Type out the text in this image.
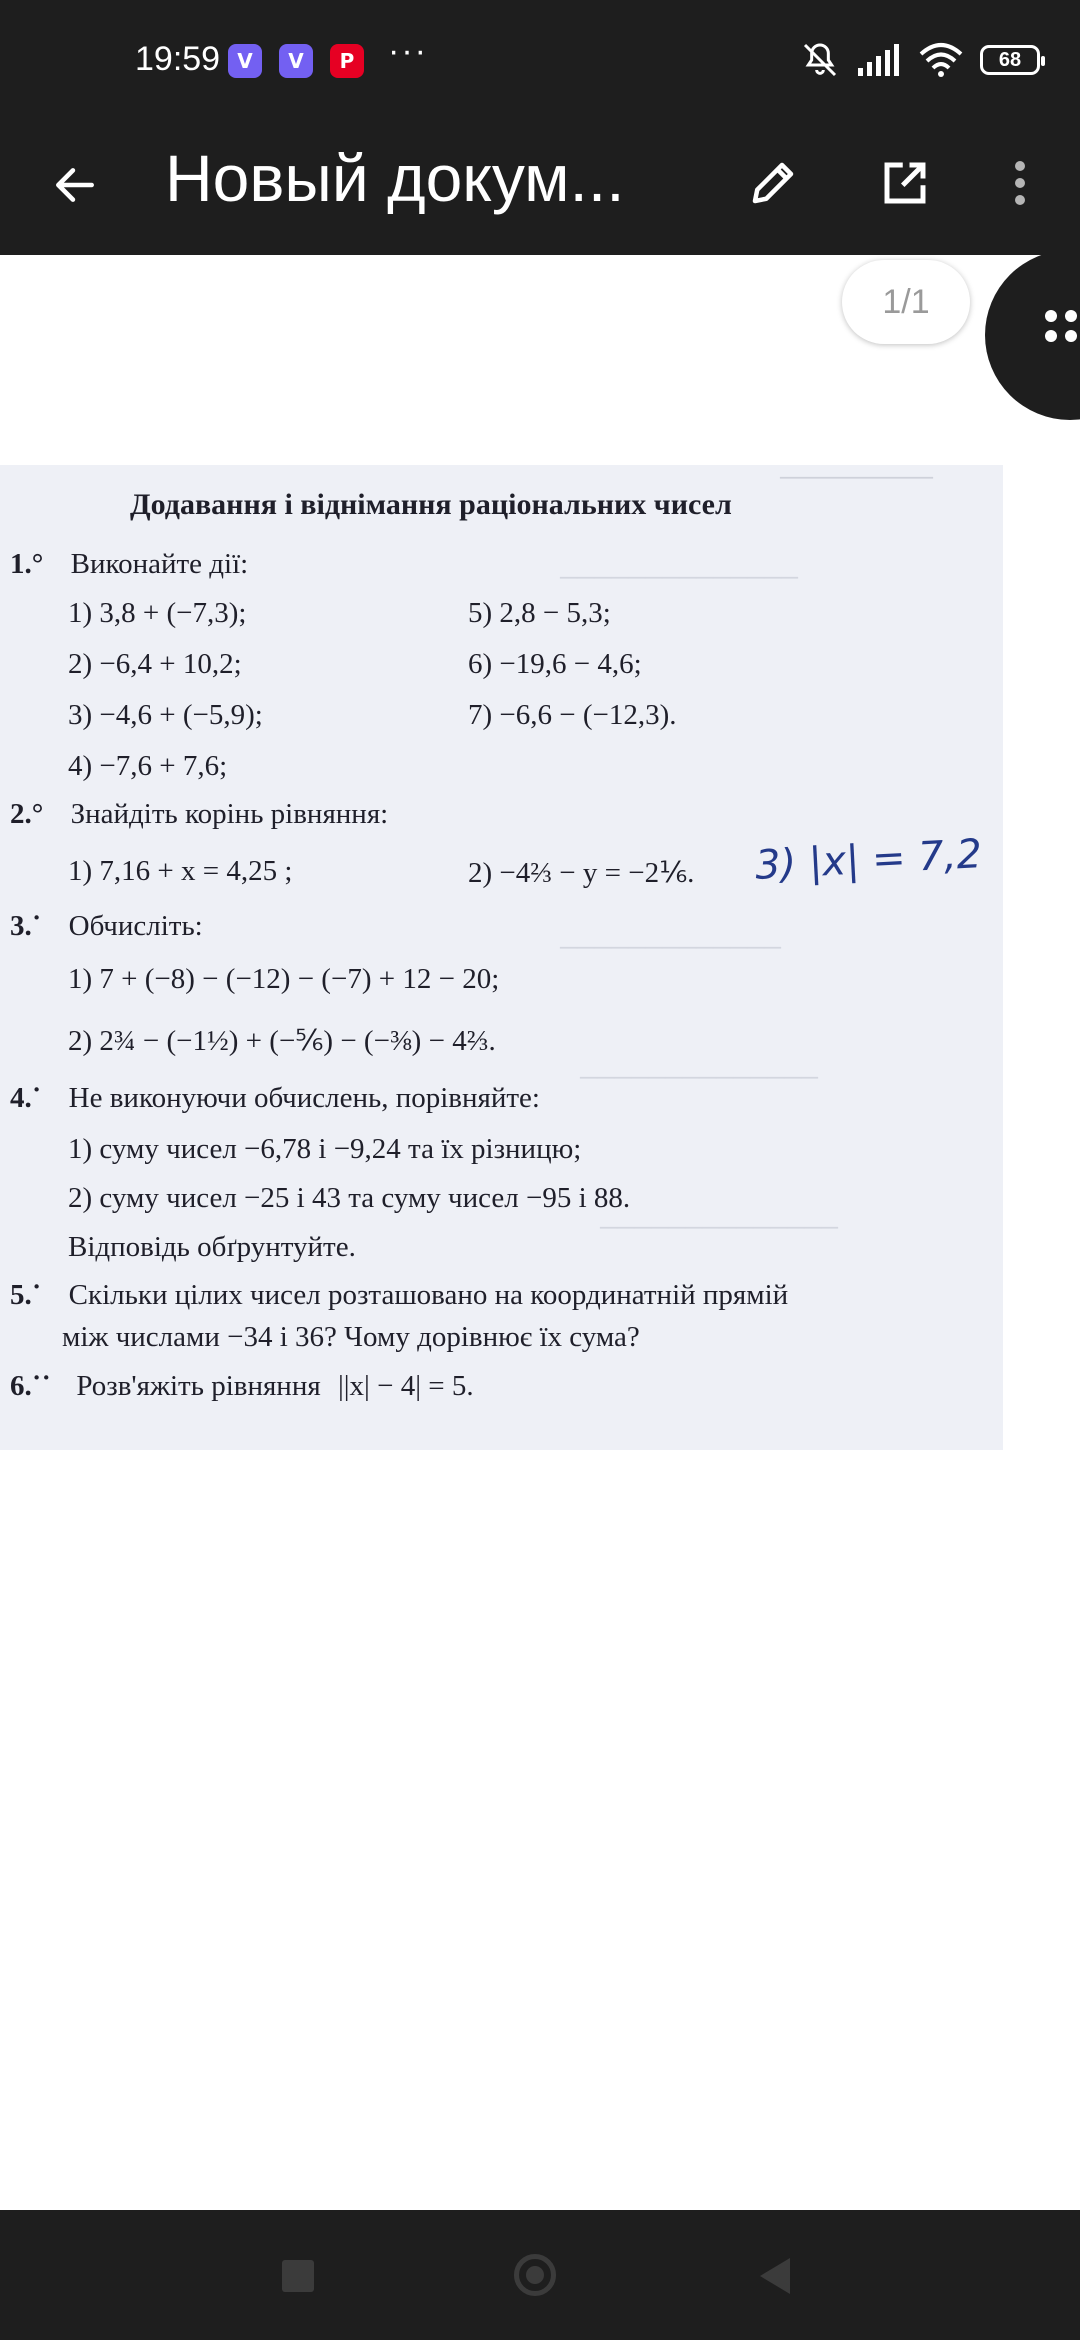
19:59 V	V	P ···	68
Новый докум...
1/1
─────────
──────────────
─────────────
──────────────
──────────────
Додавання і віднімання раціональних чисел
1.° Виконайте дії:
1) 3,8 + (−7,3);
2) −6,4 + 10,2;
3) −4,6 + (−5,9);
4) −7,6 + 7,6;
5) 2,8 − 5,3;
6) −19,6 − 4,6;
7) −6,6 − (−12,3).
2.° Знайдіть корінь рівняння:
1) 7,16 + x = 4,25 ;	2) −4⅔ − y = −2⅙. 3) |x| = 7,2
3.˙ Обчисліть:
1) 7 + (−8) − (−12) − (−7) + 12 − 20;
2) 2¾ − (−1½) + (−⅚) − (−⅜) − 4⅔.
4.˙ Не виконуючи обчислень, порівняйте:
1) суму чисел −6,78 і −9,24 та їх різницю;
2) суму чисел −25 і 43 та суму чисел −95 і 88.
Відповідь обґрунтуйте.
5.˙ Скільки цілих чисел розташовано на координатній прямій
між числами −34 і 36? Чому дорівнює їх сума?
6.˙˙ Розв'яжіть рівняння ||x| − 4| = 5.
